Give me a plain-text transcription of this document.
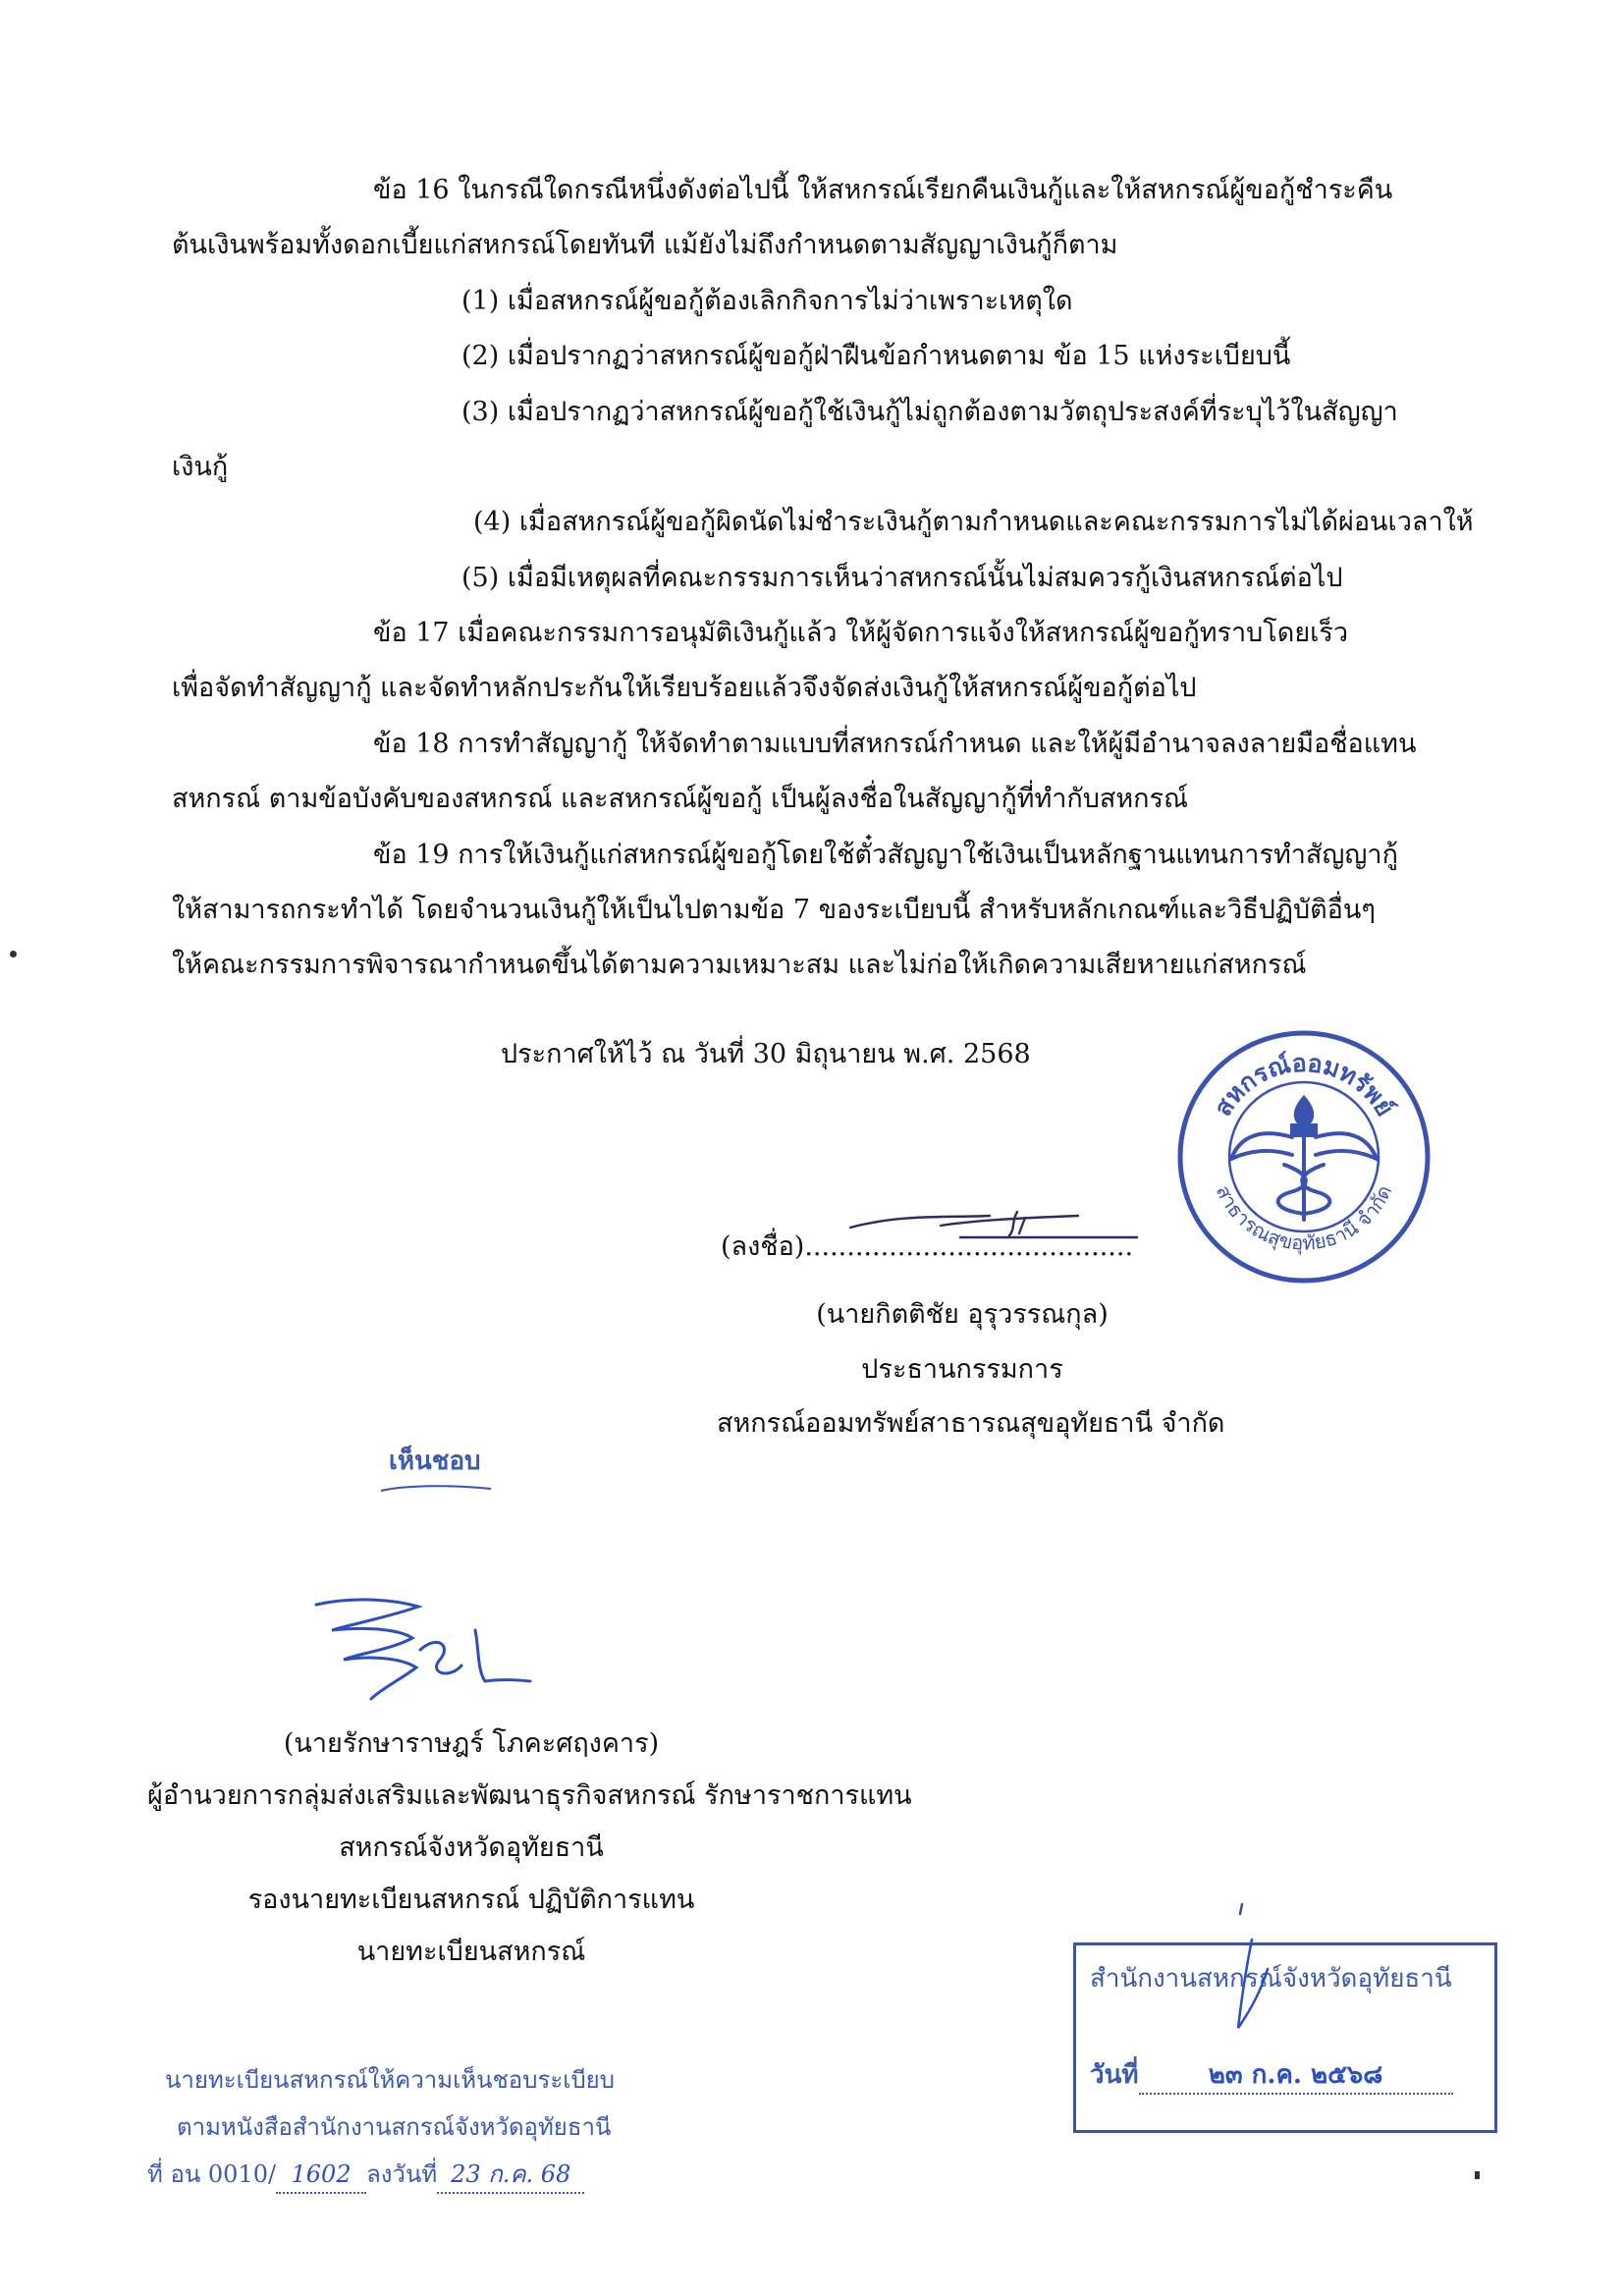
ข้อ 16 ในกรณีใดกรณีหนึ่งดังต่อไปนี้ ให้สหกรณ์เรียกคืนเงินกู้และให้สหกรณ์ผู้ขอกู้ชำระคืน
ต้นเงินพร้อมทั้งดอกเบี้ยแก่สหกรณ์โดยทันที แม้ยังไม่ถึงกำหนดตามสัญญาเงินกู้ก็ตาม
(1) เมื่อสหกรณ์ผู้ขอกู้ต้องเลิกกิจการไม่ว่าเพราะเหตุใด
(2) เมื่อปรากฏว่าสหกรณ์ผู้ขอกู้ฝ่าฝืนข้อกำหนดตาม ข้อ 15 แห่งระเบียบนี้
(3) เมื่อปรากฏว่าสหกรณ์ผู้ขอกู้ใช้เงินกู้ไม่ถูกต้องตามวัตถุประสงค์ที่ระบุไว้ในสัญญา
เงินกู้
(4) เมื่อสหกรณ์ผู้ขอกู้ผิดนัดไม่ชำระเงินกู้ตามกำหนดและคณะกรรมการไม่ได้ผ่อนเวลาให้
(5) เมื่อมีเหตุผลที่คณะกรรมการเห็นว่าสหกรณ์นั้นไม่สมควรกู้เงินสหกรณ์ต่อไป
ข้อ 17 เมื่อคณะกรรมการอนุมัติเงินกู้แล้ว ให้ผู้จัดการแจ้งให้สหกรณ์ผู้ขอกู้ทราบโดยเร็ว
เพื่อจัดทำสัญญากู้ และจัดทำหลักประกันให้เรียบร้อยแล้วจึงจัดส่งเงินกู้ให้สหกรณ์ผู้ขอกู้ต่อไป
ข้อ 18 การทำสัญญากู้ ให้จัดทำตามแบบที่สหกรณ์กำหนด และให้ผู้มีอำนาจลงลายมือชื่อแทน
สหกรณ์ ตามข้อบังคับของสหกรณ์ และสหกรณ์ผู้ขอกู้ เป็นผู้ลงชื่อในสัญญากู้ที่ทำกับสหกรณ์
ข้อ 19 การให้เงินกู้แก่สหกรณ์ผู้ขอกู้โดยใช้ตั๋วสัญญาใช้เงินเป็นหลักฐานแทนการทำสัญญากู้
ให้สามารถกระทำได้ โดยจำนวนเงินกู้ให้เป็นไปตามข้อ 7 ของระเบียบนี้ สำหรับหลักเกณฑ์และวิธีปฏิบัติอื่นๆ
ให้คณะกรรมการพิจารณากำหนดขึ้นได้ตามความเหมาะสม และไม่ก่อให้เกิดความเสียหายแก่สหกรณ์
ประกาศให้ไว้ ณ วันที่ 30 มิถุนายน พ.ศ. 2568
สหกรณ์ออมทรัพย์
สาธารณสุขอุทัยธานี จำกัด
(ลงชื่อ).......................................
(นายกิตติชัย อุรุวรรณกุล)
ประธานกรรมการ
สหกรณ์ออมทรัพย์สาธารณสุขอุทัยธานี จำกัด
เห็นชอบ
(นายรักษาราษฎร์ โภคะศฤงคาร)
ผู้อำนวยการกลุ่มส่งเสริมและพัฒนาธุรกิจสหกรณ์ รักษาราชการแทน
สหกรณ์จังหวัดอุทัยธานี
รองนายทะเบียนสหกรณ์ ปฏิบัติการแทน
นายทะเบียนสหกรณ์
นายทะเบียนสหกรณ์ให้ความเห็นชอบระเบียบ
ตามหนังสือสำนักงานสกรณ์จังหวัดอุทัยธานี
ที่ อน 0010/ 1602 ลงวันที่ 23 ก.ค. 68
สำนักงานสหกรณ์จังหวัดอุทัยธานี
วันที่	๒๓ ก.ค. ๒๕๖๘
